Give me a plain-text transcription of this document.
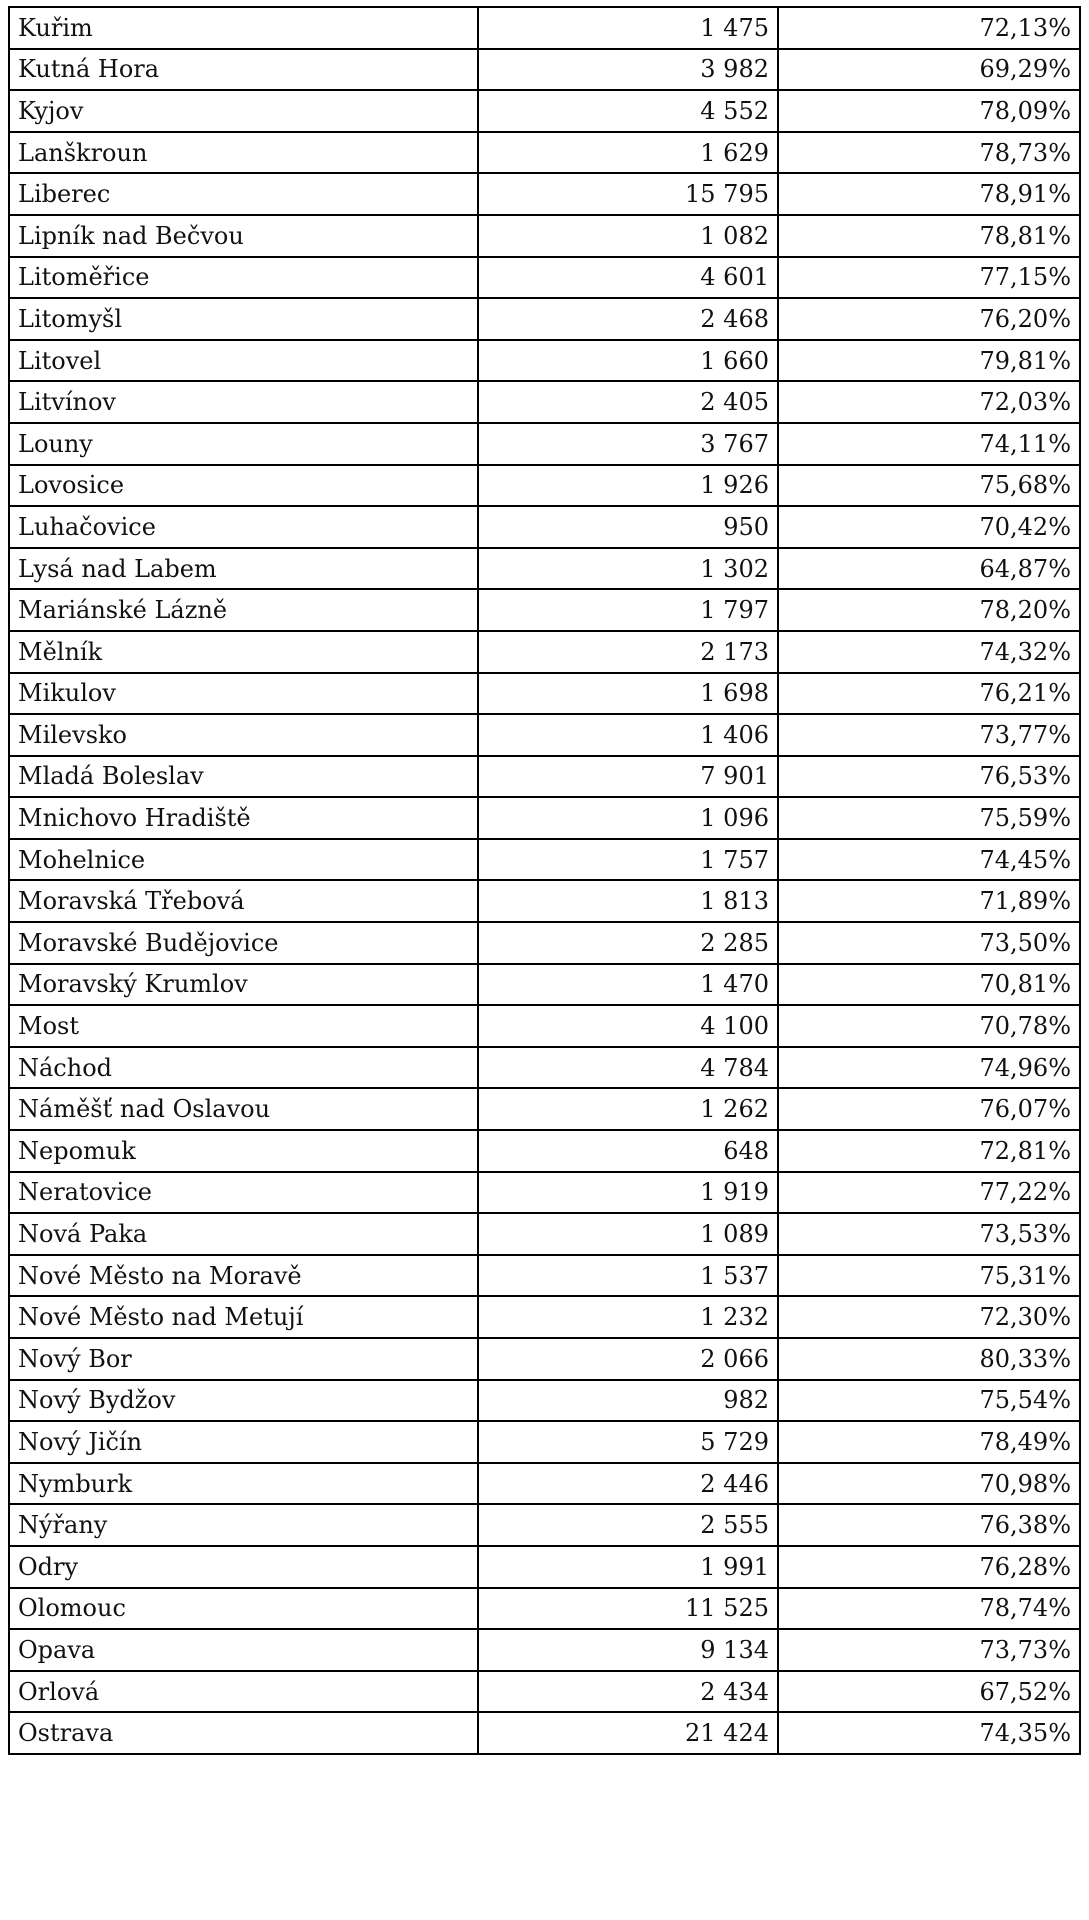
Kuřim	1 475	72,13%
Kutná Hora	3 982	69,29%
Kyjov	4 552	78,09%
Lanškroun	1 629	78,73%
Liberec	15 795	78,91%
Lipník nad Bečvou	1 082	78,81%
Litoměřice	4 601	77,15%
Litomyšl	2 468	76,20%
Litovel	1 660	79,81%
Litvínov	2 405	72,03%
Louny	3 767	74,11%
Lovosice	1 926	75,68%
Luhačovice	950	70,42%
Lysá nad Labem	1 302	64,87%
Mariánské Lázně	1 797	78,20%
Mělník	2 173	74,32%
Mikulov	1 698	76,21%
Milevsko	1 406	73,77%
Mladá Boleslav	7 901	76,53%
Mnichovo Hradiště	1 096	75,59%
Mohelnice	1 757	74,45%
Moravská Třebová	1 813	71,89%
Moravské Budějovice	2 285	73,50%
Moravský Krumlov	1 470	70,81%
Most	4 100	70,78%
Náchod	4 784	74,96%
Náměšť nad Oslavou	1 262	76,07%
Nepomuk	648	72,81%
Neratovice	1 919	77,22%
Nová Paka	1 089	73,53%
Nové Město na Moravě	1 537	75,31%
Nové Město nad Metují	1 232	72,30%
Nový Bor	2 066	80,33%
Nový Bydžov	982	75,54%
Nový Jičín	5 729	78,49%
Nymburk	2 446	70,98%
Nýřany	2 555	76,38%
Odry	1 991	76,28%
Olomouc	11 525	78,74%
Opava	9 134	73,73%
Orlová	2 434	67,52%
Ostrava	21 424	74,35%
